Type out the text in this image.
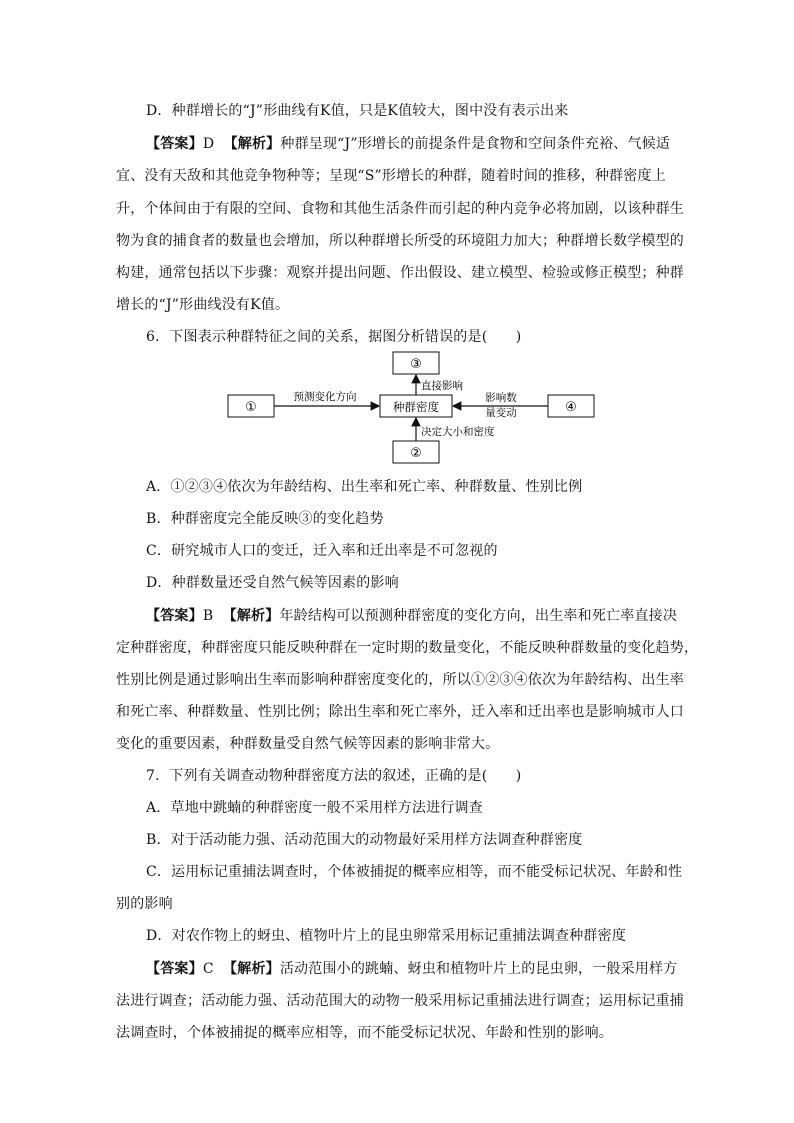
D．种群增长的“J”形曲线有K值，只是K值较大，图中没有表示出来
【答案】D 【解析】种群呈现“J”形增长的前提条件是食物和空间条件充裕、气候适
宜、没有天敌和其他竞争物种等；呈现“S”形增长的种群，随着时间的推移，种群密度上
升，个体间由于有限的空间、食物和其他生活条件而引起的种内竞争必将加剧，以该种群生
物为食的捕食者的数量也会增加，所以种群增长所受的环境阻力加大；种群增长数学模型的
构建，通常包括以下步骤：观察并提出问题、作出假设、建立模型、检验或修正模型；种群
增长的“J”形曲线没有K值。
6．下图表示种群特征之间的关系，据图分析错误的是(　　)
③
①	种群密度	④
②
预测变化方向
直接影响
影响数
量变动
决定大小和密度
A．①②③④依次为年龄结构、出生率和死亡率、种群数量、性别比例
B．种群密度完全能反映③的变化趋势
C．研究城市人口的变迁，迁入率和迁出率是不可忽视的
D．种群数量还受自然气候等因素的影响
【答案】B 【解析】年龄结构可以预测种群密度的变化方向，出生率和死亡率直接决
定种群密度，种群密度只能反映种群在一定时期的数量变化，不能反映种群数量的变化趋势，
性别比例是通过影响出生率而影响种群密度变化的，所以①②③④依次为年龄结构、出生率
和死亡率、种群数量、性别比例；除出生率和死亡率外，迁入率和迁出率也是影响城市人口
变化的重要因素，种群数量受自然气候等因素的影响非常大。
7．下列有关调查动物种群密度方法的叙述，正确的是(　　)
A．草地中跳蝻的种群密度一般不采用样方法进行调查
B．对于活动能力强、活动范围大的动物最好采用样方法调查种群密度
C．运用标记重捕法调查时，个体被捕捉的概率应相等，而不能受标记状况、年龄和性
别的影响
D．对农作物上的蚜虫、植物叶片上的昆虫卵常采用标记重捕法调查种群密度
【答案】C 【解析】活动范围小的跳蝻、蚜虫和植物叶片上的昆虫卵，一般采用样方
法进行调查；活动能力强、活动范围大的动物一般采用标记重捕法进行调查；运用标记重捕
法调查时，个体被捕捉的概率应相等，而不能受标记状况、年龄和性别的影响。
